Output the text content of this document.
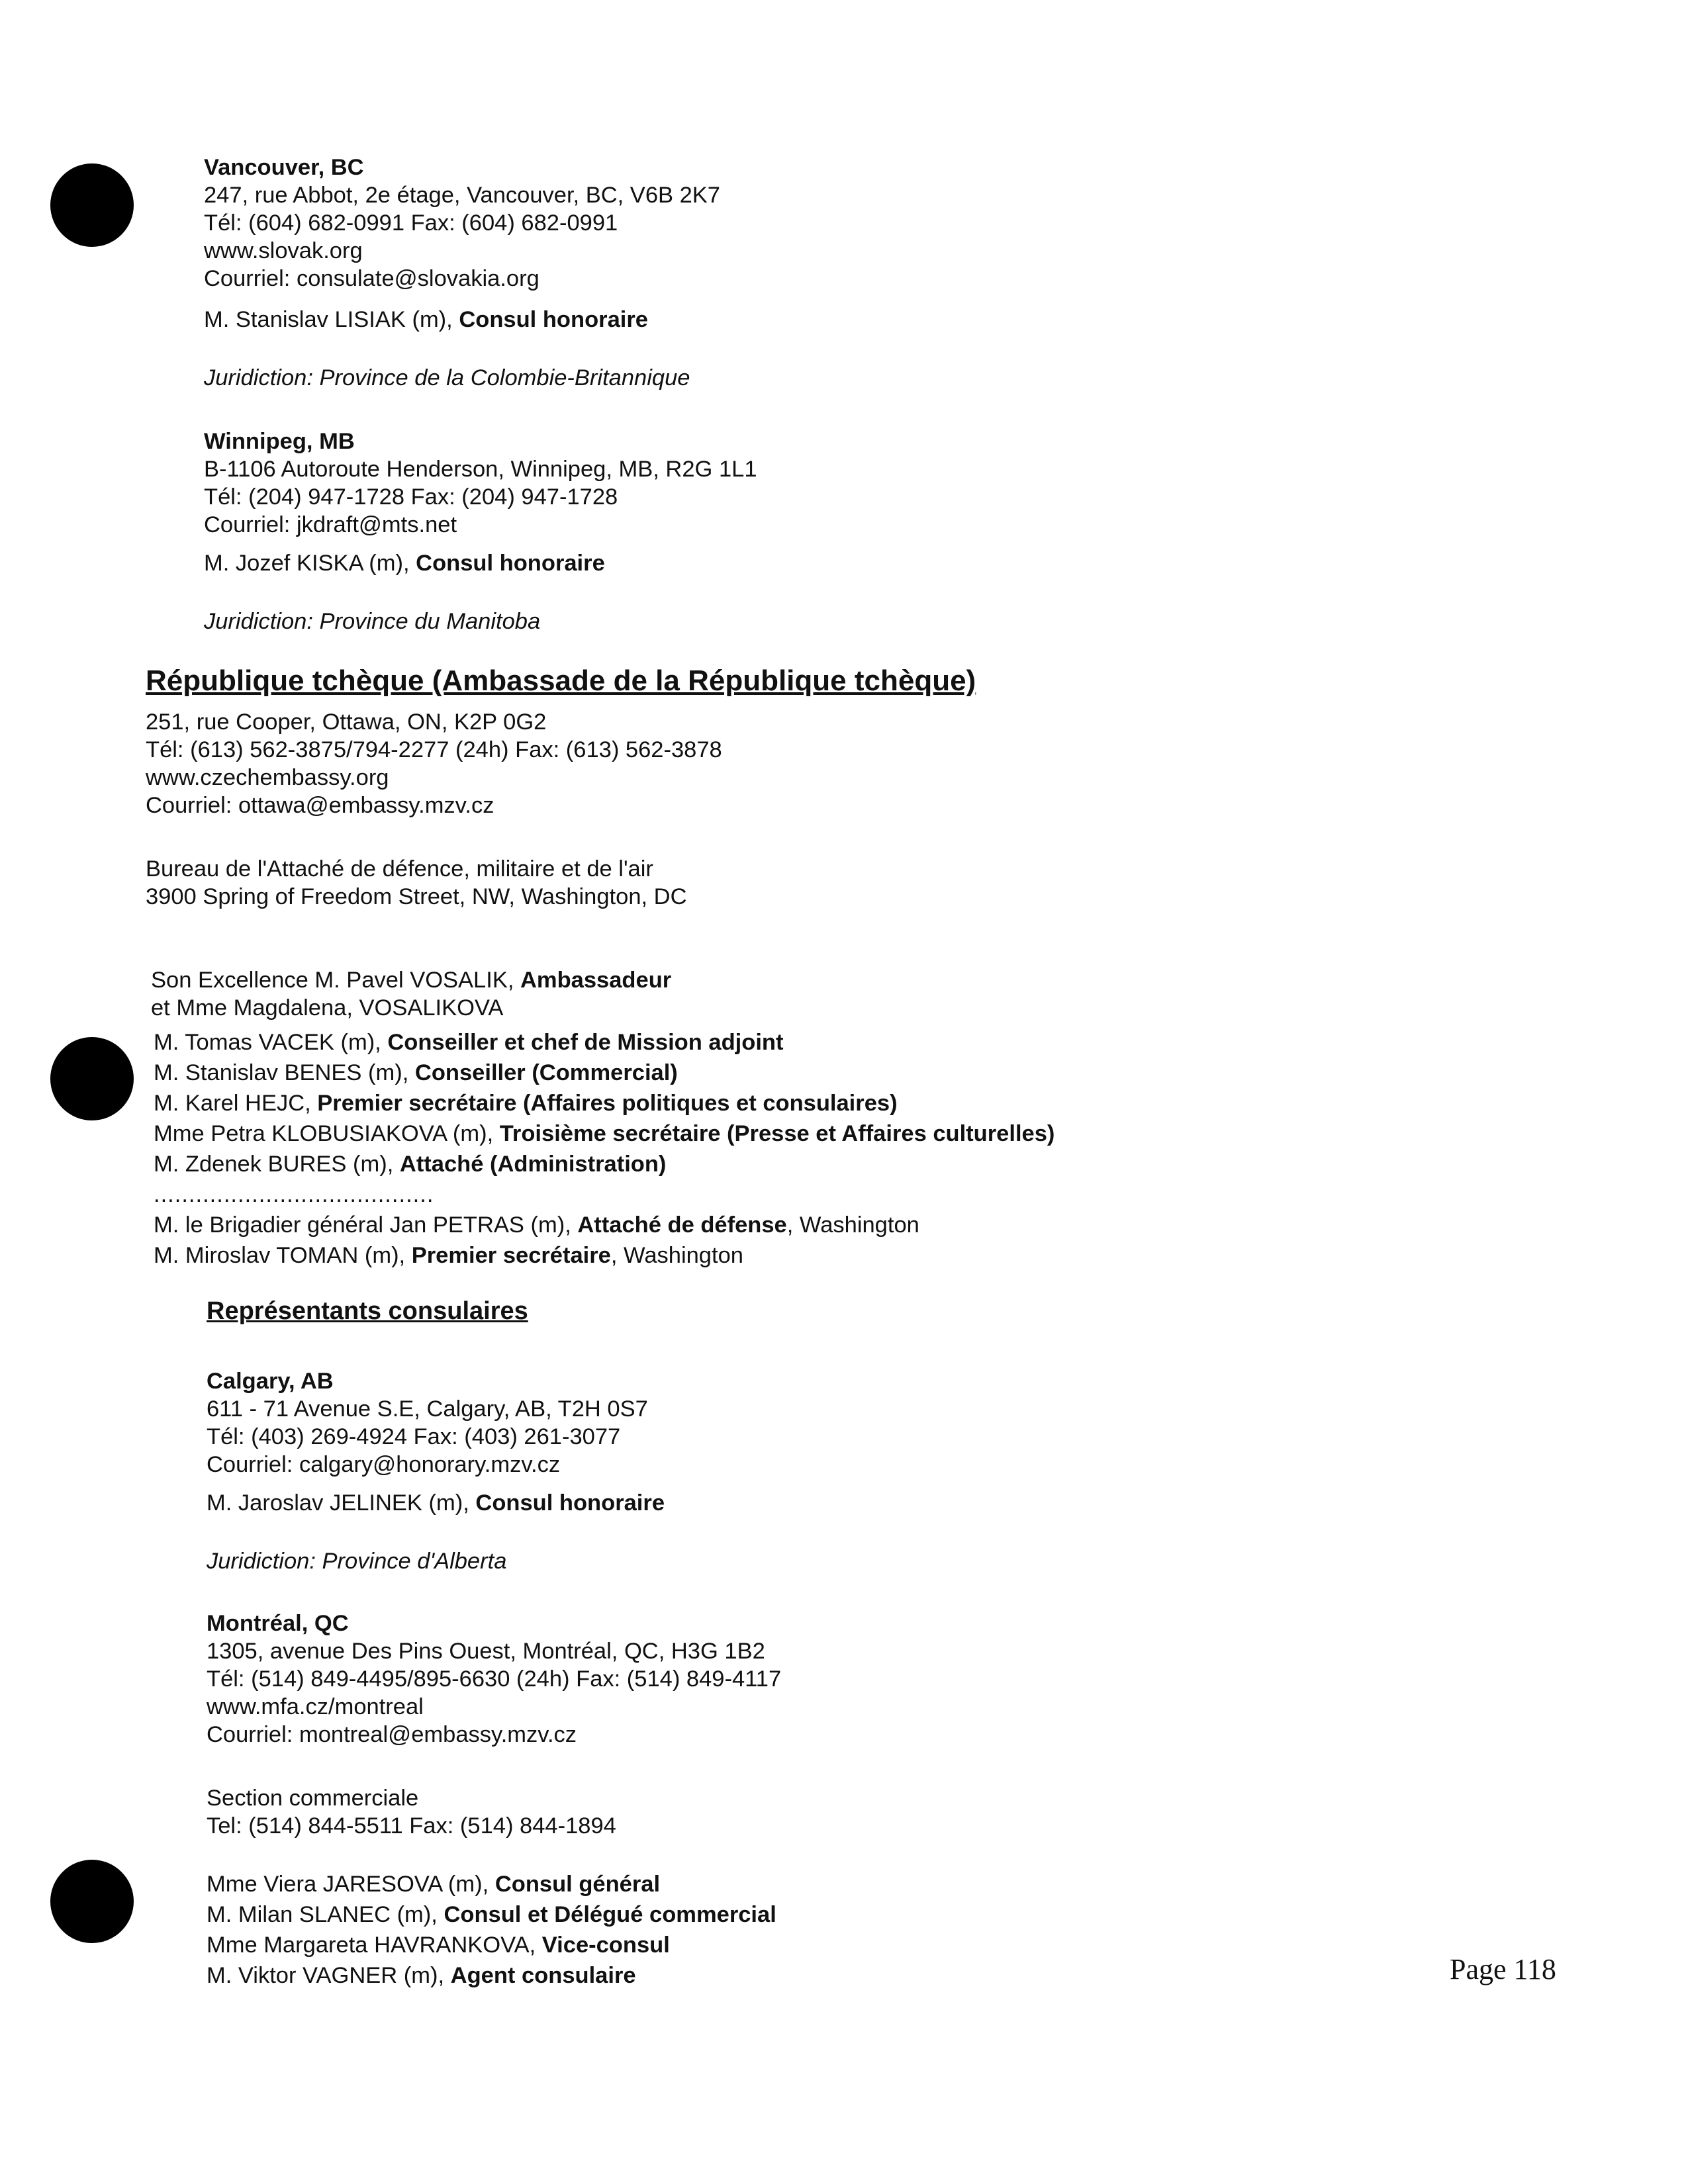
Vancouver, BC
247, rue Abbot, 2e étage, Vancouver, BC, V6B 2K7
Tél: (604) 682-0991 Fax: (604) 682-0991
www.slovak.org
Courriel: consulate@slovakia.org
M. Stanislav LISIAK (m), Consul honoraire
Juridiction: Province de la Colombie-Britannique
Winnipeg, MB
B-1106 Autoroute Henderson, Winnipeg, MB, R2G 1L1
Tél: (204) 947-1728 Fax: (204) 947-1728
Courriel: jkdraft@mts.net
M. Jozef KISKA (m), Consul honoraire
Juridiction: Province du Manitoba
République tchèque (Ambassade de la République tchèque)
251, rue Cooper, Ottawa, ON, K2P 0G2
Tél: (613) 562-3875/794-2277 (24h) Fax: (613) 562-3878
www.czechembassy.org
Courriel: ottawa@embassy.mzv.cz
Bureau de l'Attaché de défence, militaire et de l'air
3900 Spring of Freedom Street, NW, Washington, DC
Son Excellence M. Pavel VOSALIK, Ambassadeur
et Mme Magdalena, VOSALIKOVA
M. Tomas VACEK (m), Conseiller et chef de Mission adjoint
M. Stanislav BENES (m), Conseiller (Commercial)
M. Karel HEJC, Premier secrétaire (Affaires politiques et consulaires)
Mme Petra KLOBUSIAKOVA (m), Troisième secrétaire (Presse et Affaires culturelles)
M. Zdenek BURES (m), Attaché (Administration)
........................................
M. le Brigadier général Jan PETRAS (m), Attaché de défense, Washington
M. Miroslav TOMAN (m), Premier secrétaire, Washington
Représentants consulaires
Calgary, AB
611 - 71 Avenue S.E, Calgary, AB, T2H 0S7
Tél: (403) 269-4924 Fax: (403) 261-3077
Courriel: calgary@honorary.mzv.cz
M. Jaroslav JELINEK (m), Consul honoraire
Juridiction: Province d'Alberta
Montréal, QC
1305, avenue Des Pins Ouest, Montréal, QC, H3G 1B2
Tél: (514) 849-4495/895-6630 (24h) Fax: (514) 849-4117
www.mfa.cz/montreal
Courriel: montreal@embassy.mzv.cz
Section commerciale
Tel: (514) 844-5511 Fax: (514) 844-1894
Mme Viera JARESOVA (m), Consul général
M. Milan SLANEC (m), Consul et Délégué commercial
Mme Margareta HAVRANKOVA, Vice-consul
M. Viktor VAGNER (m), Agent consulaire	Page 118
